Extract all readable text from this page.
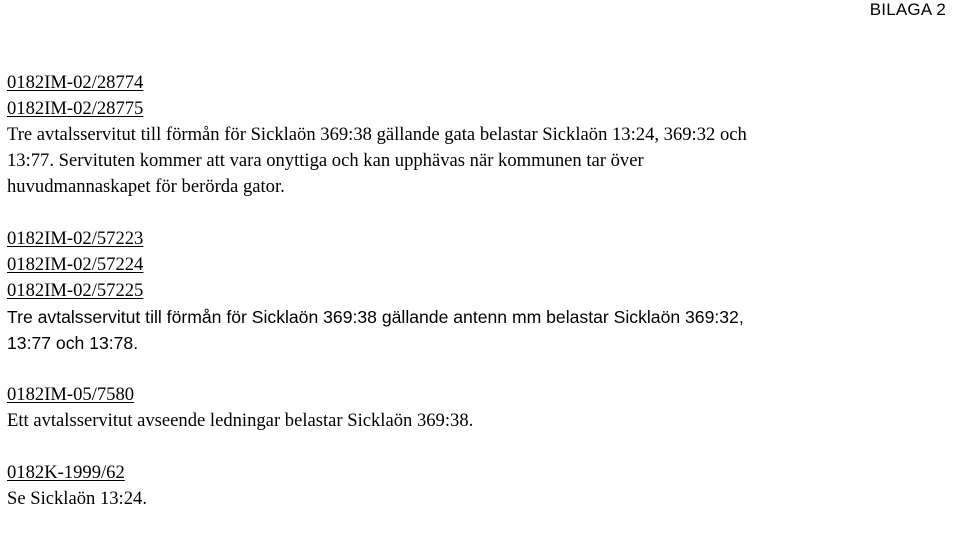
BILAGA 2
0182IM-02/28774
0182IM-02/28775
Tre avtalsservitut till förmån för Sicklaön 369:38 gällande gata belastar Sicklaön 13:24, 369:32 och
13:77. Servituten kommer att vara onyttiga och kan upphävas när kommunen tar över
huvudmannaskapet för berörda gator.
0182IM-02/57223
0182IM-02/57224
0182IM-02/57225
Tre avtalsservitut till förmån för Sicklaön 369:38 gällande antenn mm belastar Sicklaön 369:32,
13:77 och 13:78.
0182IM-05/7580
Ett avtalsservitut avseende ledningar belastar Sicklaön 369:38.
0182K-1999/62
Se Sicklaön 13:24.
